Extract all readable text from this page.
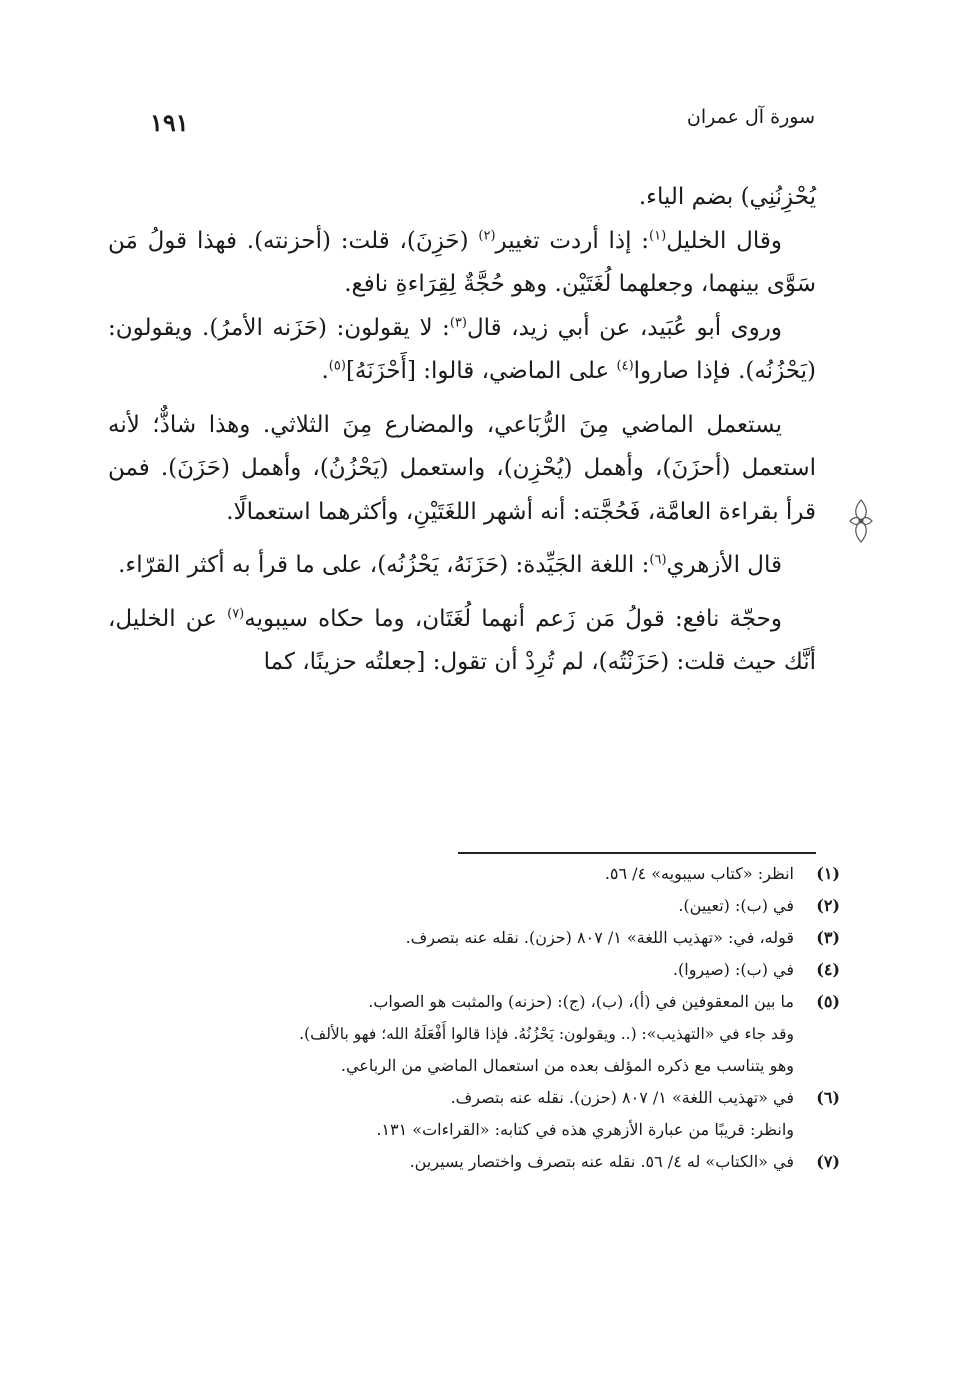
سورة آل عمران
١٩١

يُحْزِنُنِي) بضم الياء.

وقال الخليل$^{(١)}$: إذا أردت تغيير$^{(٢)}$ (حَزِنَ)، قلت: (أحزنته). فهذا قولُ مَن سَوَّى بينهما، وجعلهما لُغَتَيْن. وهو حُجَّةٌ لِقِرَاءةِ نافع.

وروى أبو عُبَيد، عن أبي زيد، قال$^{(٣)}$: لا يقولون: (حَزَنه الأمرُ). ويقولون: (يَحْزُنُه). فإذا صاروا$^{(٤)}$ على الماضي، قالوا: [أَحْزَنَهُ]$^{(٥)}$.

يستعمل الماضي مِنَ الرُّبَاعي، والمضارع مِنَ الثلاثي. وهذا شاذٌّ؛ لأنه استعمل (أحزَنَ)، وأهمل (يُحْزِن)، واستعمل (يَحْزُنُ)، وأهمل (حَزَنَ). فمن قرأ بقراءة العامَّة، فَحُجَّته: أنه أشهر اللغَتَيْنِ، وأكثرهما استعمالًا.

قال الأزهري$^{(٦)}$: اللغة الجَيِّدة: (حَزَنَهُ، يَحْزُنُه)، على ما قرأ به أكثر القرّاء.

وحجّة نافع: قولُ مَن زَعم أنهما لُغَتَان، وما حكاه سيبويه$^{(٧)}$ عن الخليل، أنَّك حيث قلت: (حَزَنْتُه)، لم تُرِدْ أن تقول: [جعلتُه حزينًا، كما

(١)
انظر: «كتاب سيبويه» ٤/ ٥٦.
(٢)
في (ب): (تعيين).
(٣)
قوله، في: «تهذيب اللغة» ١/ ٨٠٧ (حزن). نقله عنه بتصرف.
(٤)
في (ب): (صيروا).
(٥)
ما بين المعقوفين في (أ)، (ب)، (ج): (حزنه) والمثبت هو الصواب.
وقد جاء في «التهذيب»: (.. ويقولون: يَحْزُنُهُ. فإذا قالوا أَفْعَلَهُ الله؛ فهو بالألف).
وهو يتناسب مع ذكره المؤلف بعده من استعمال الماضي من الرباعي.
(٦)
في «تهذيب اللغة» ١/ ٨٠٧ (حزن). نقله عنه بتصرف.
وانظر: قريبًا من عبارة الأزهري هذه في كتابه: «القراءات» ١٣١.
(٧)
في «الكتاب» له ٤/ ٥٦. نقله عنه بتصرف واختصار يسيرين.
